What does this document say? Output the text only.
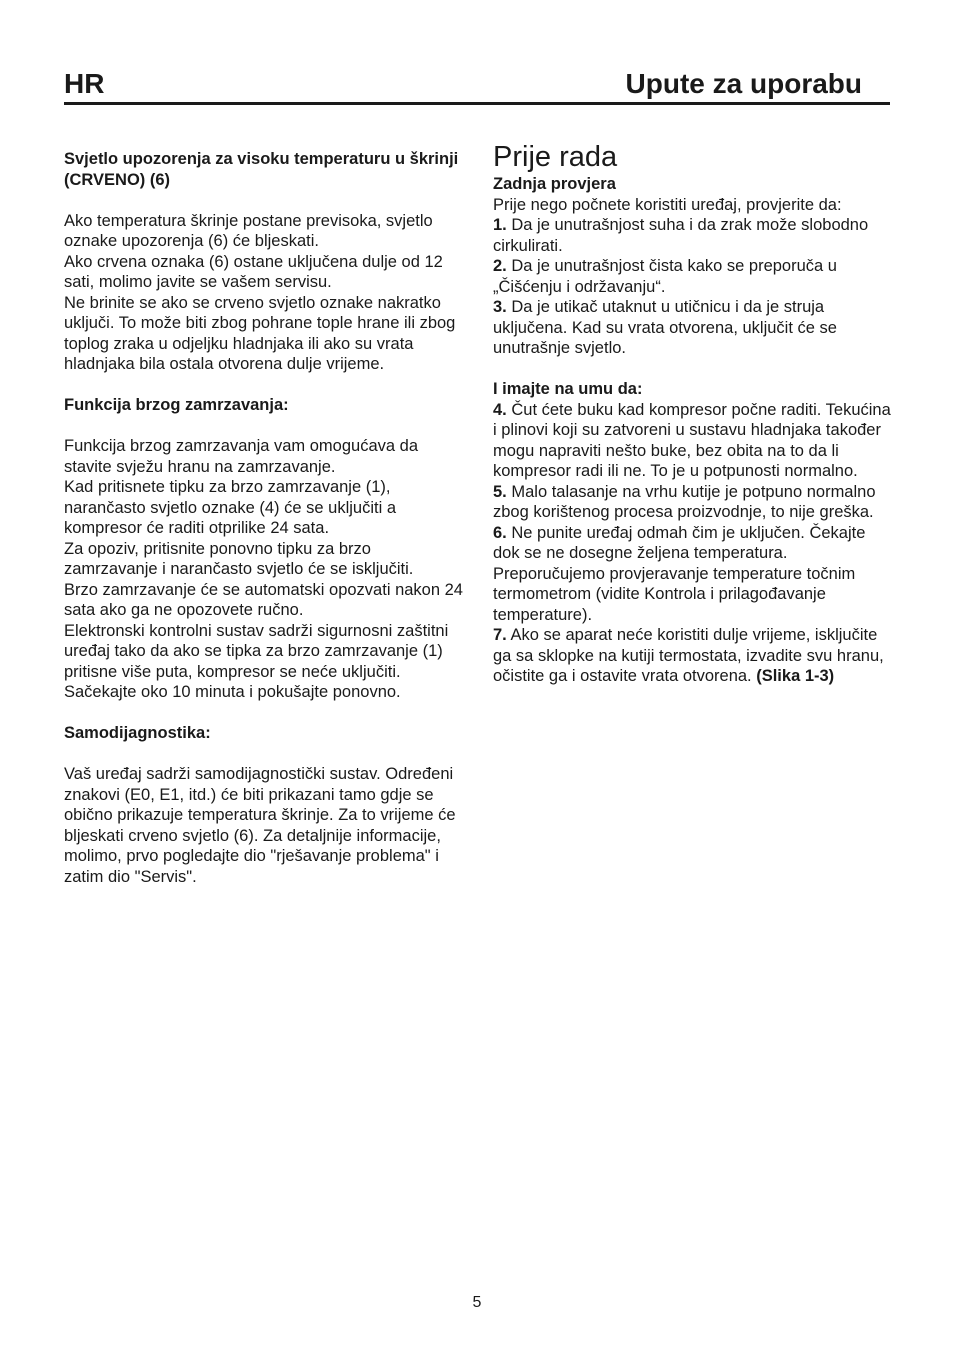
HR	Upute za uporabu

Svjetlo upozorenja za visoku temperaturu u škrinji (CRVENO) (6)

Ako temperatura škrinje postane previsoka, svjetlo oznake upozorenja (6) će bljeskati.

Ako crvena oznaka (6) ostane uključena dulje od 12 sati, molimo javite se vašem servisu.

Ne brinite se ako se crveno svjetlo oznake nakratko uključi. To može biti zbog pohrane tople hrane ili zbog toplog zraka u odjeljku hladnjaka ili ako su vrata hladnjaka bila ostala otvorena dulje vrijeme.

Funkcija brzog zamrzavanja:

Funkcija brzog zamrzavanja vam omogućava da stavite svježu hranu na zamrzavanje.

Kad pritisnete tipku za brzo zamrzavanje (1), narančasto svjetlo oznake (4) će se uključiti a kompresor će raditi otprilike 24 sata.

Za opoziv, pritisnite ponovno tipku za brzo zamrzavanje i narančasto svjetlo će se isključiti.

Brzo zamrzavanje će se automatski opozvati nakon 24 sata ako ga ne opozovete ručno.

Elektronski kontrolni sustav sadrži sigurnosni zaštitni uređaj tako da ako se tipka za brzo zamrzavanje (1) pritisne više puta, kompresor se neće uključiti. Sačekajte oko 10 minuta i pokušajte ponovno.

Samodijagnostika:

Vaš uređaj sadrži samodijagnostički sustav. Određeni znakovi (E0, E1, itd.) će biti prikazani tamo gdje se obično prikazuje temperatura škrinje. Za to vrijeme će bljeskati crveno svjetlo (6). Za detaljnije informacije, molimo, prvo pogledajte dio "rješavanje problema" i zatim dio "Servis".

Prije rada

Zadnja provjera

Prije nego počnete koristiti uređaj, provjerite da:

1. Da je unutrašnjost suha i da zrak može slobodno cirkulirati.

2. Da je unutrašnjost čista kako se preporuča u „Čišćenju i održavanju“.

3. Da je utikač utaknut u utičnicu i da je struja uključena. Kad su vrata otvorena, uključit će se unutrašnje svjetlo.

I imajte na umu da:

4. Čut ćete buku kad kompresor počne raditi. Tekućina i plinovi koji su zatvoreni u sustavu hladnjaka također mogu napraviti nešto buke, bez obita na to da li kompresor radi ili ne. To je u potpunosti normalno.

5. Malo talasanje na vrhu kutije je potpuno normalno zbog korištenog procesa proizvodnje, to nije greška.

6. Ne punite uređaj odmah čim je uključen. Čekajte dok se ne dosegne željena temperatura. Preporučujemo provjeravanje temperature točnim termometrom (vidite Kontrola i prilagođavanje temperature).

7. Ako se aparat neće koristiti dulje vrijeme, isključite ga sa sklopke na kutiji termostata, izvadite svu hranu, očistite ga i ostavite vrata otvorena. (Slika 1-3)

5
